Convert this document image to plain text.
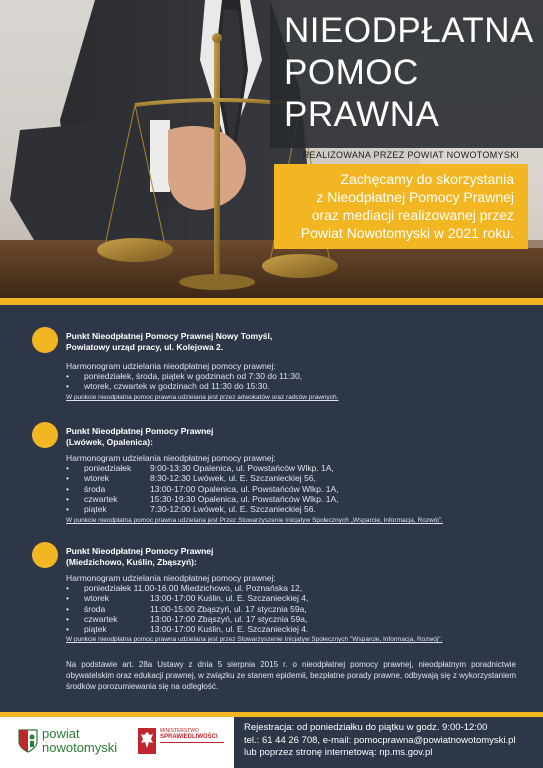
NIEODPŁATNA
POMOC
PRAWNA
REALIZOWANA PRZEZ POWIAT NOWOTOMYSKI
Zachęcamy do skorzystania
z Nieodpłatnej Pomocy Prawnej
oraz mediacji realizowanej przez
Powiat Nowotomyski w 2021 roku.
Punkt Nieodpłatnej Pomocy Prawnej Nowy Tomyśl,
Powiatowy urząd pracy, ul. Kolejowa 2.
Harmonogram udzielania nieodpłatnej pomocy prawnej:
• poniedziałek, środa, piątek w godzinach od 7:30 do 11:30,
• wtorek, czwartek w godzinach od 11:30 do 15:30.
W punkcie nieodpłatna pomoc prawna udzielana jest przez adwokatów oraz radców prawnych.
Punkt Nieodpłatnej Pomocy Prawnej
(Lwówek, Opalenica):
Harmonogram udzielania nieodpłatnej pomocy prawnej:
• poniedziałek 9:00-13:30 Opalenica, ul. Powstańców Wlkp. 1A,
• wtorek	8:30-12:30 Lwówek, ul. E. Szczanieckiej 56,
• środa	13:00-17:00 Opalenica, ul. Powstańców Wlkp. 1A,
• czwartek	15:30-19:30 Opalenica, ul. Powstańców Wlkp. 1A,
• piątek	7:30-12:00 Lwówek, ul. E. Szczanieckiej 56.
W punkcie nieodpłatna pomoc prawna udzielana jest Przez Stowarzyszenie Inicjatyw Społecznych „Wsparcie, Informacja, Rozwój”.
Punkt Nieodpłatnej Pomocy Prawnej
(Miedzichowo, Kuślin, Zbąszyń):
Harmonogram udzielania nieodpłatnej pomocy prawnej:
• poniedziałek 11.00-16.00 Miedzichowo, ul. Poznańska 12,
• wtorek	13:00-17:00 Kuślin, ul. E. Szczanieckiej 4,
• środa	11:00-15:00 Zbąszyń, ul. 17 stycznia 59a,
• czwartek	13:00-17:00 Zbąszyń, ul. 17 stycznia 59a,
• piątek	13:00-17:00 Kuślin, ul. E. Szczanieckiej 4.
W punkcie nieodpłatna pomoc prawna udzielana jest przez Stowarzyszenie Inicjatyw Społecznych "Wsparcie, Informacja, Rozwój".
Na podstawie art. 28a Ustawy z dnia 5 sierpnia 2015 r. o nieodpłatnej pomocy prawnej, nieodpłatnym poradnictwie obywatelskim oraz edukacji prawnej, w związku ze stanem epidemii, bezpłatne porady prawne, odbywają się z wykorzystaniem środków porozumiewania się na odległość.
powiat
nowotomyski
MINISTERSTWO
SPRAWIEDLIWOŚCI
Rejestracja: od poniedziałku do piątku w godz. 9:00-12:00
tel.: 61 44 26 708, e-mail: pomocprawna@powiatnowotomyski.pl
lub poprzez stronę internetową: np.ms.gov.pl
